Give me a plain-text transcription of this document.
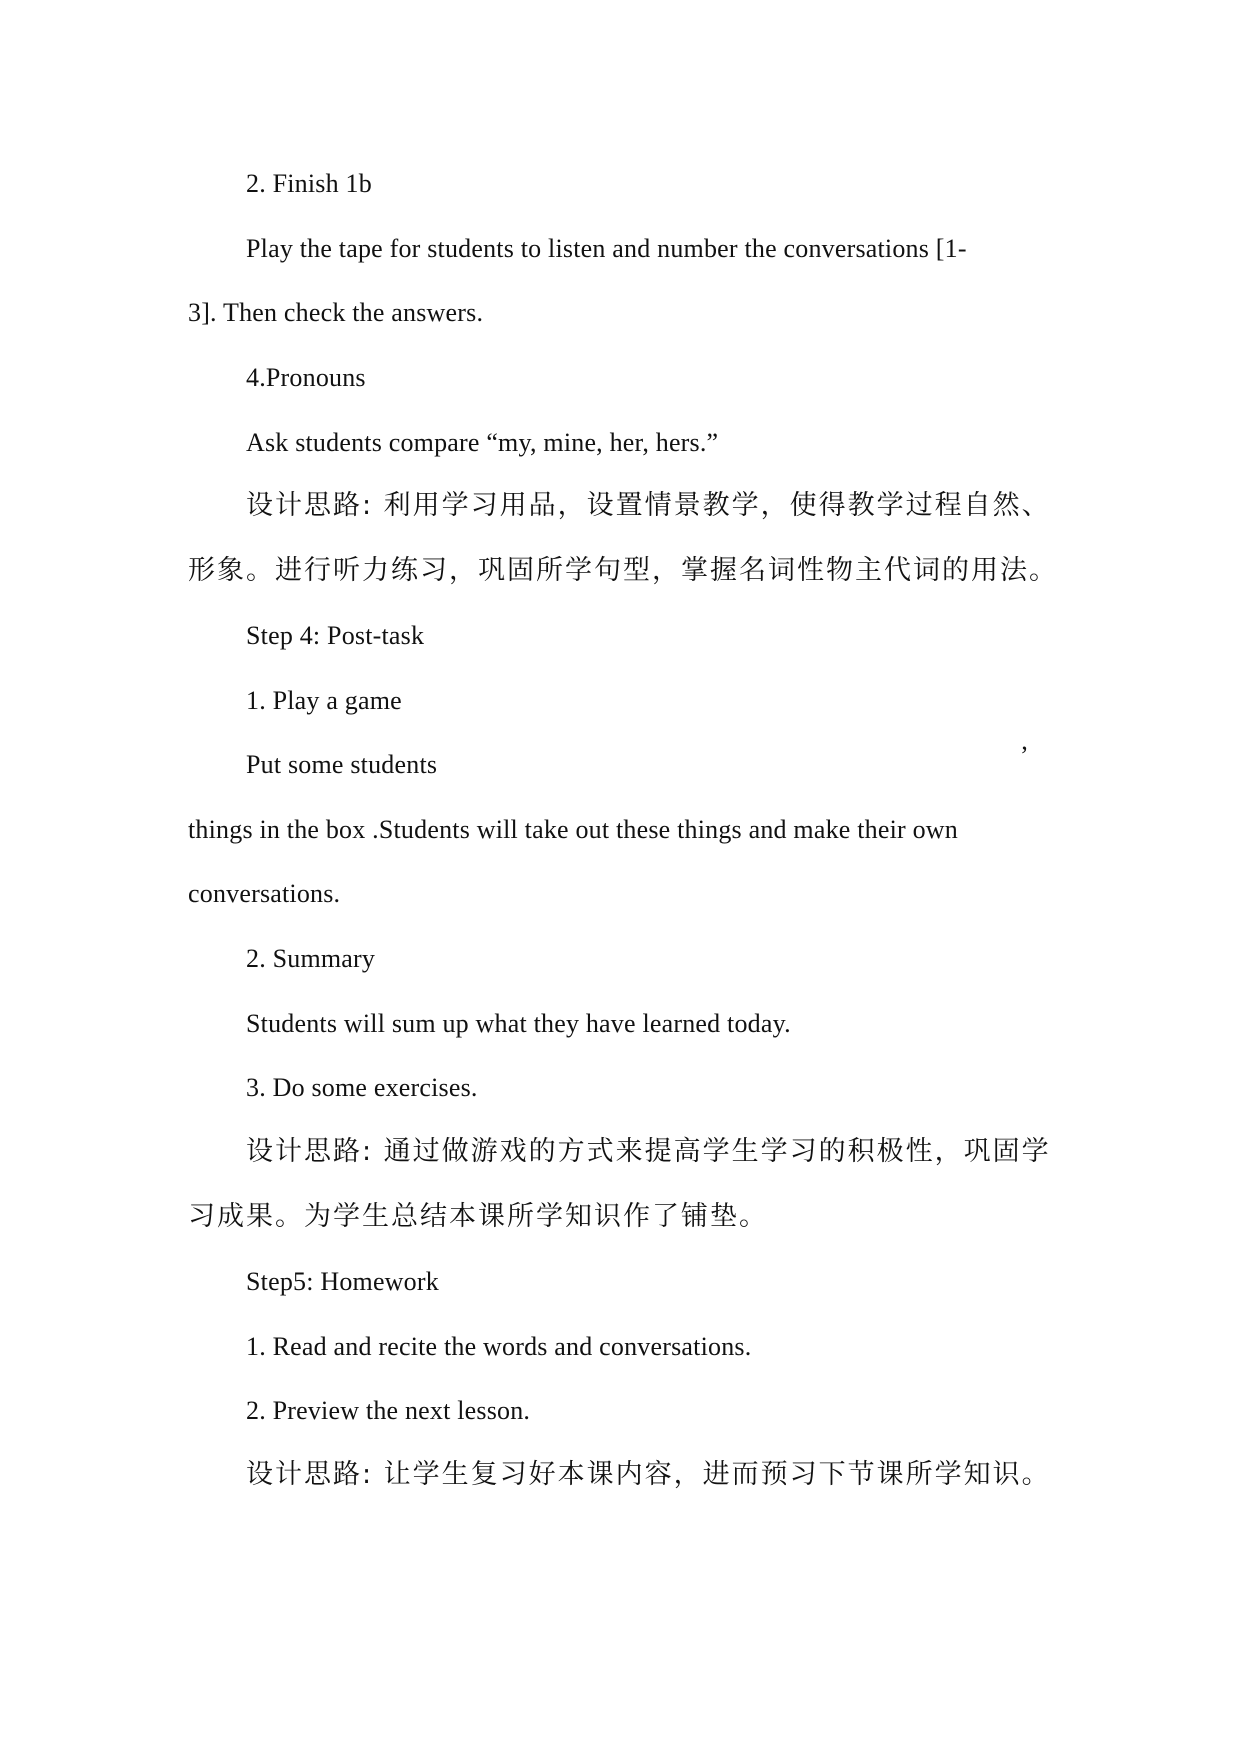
2. Finish 1b
Play the tape for students to listen and number the conversations [1-
3]. Then check the answers.
4.Pronouns
Ask students compare “my, mine, her, hers.”
设计思路: 利用学习用品，设置情景教学，使得教学过程自然、
形象。进行听力练习，巩固所学句型，掌握名词性物主代词的用法。
Step 4: Post-task
1. Play a game
Put some students	’
things in the box .Students will take out these things and make their own
conversations.
2. Summary
Students will sum up what they have learned today.
3. Do some exercises.
设计思路: 通过做游戏的方式来提高学生学习的积极性，巩固学
习成果。为学生总结本课所学知识作了铺垫。
Step5: Homework
1. Read and recite the words and conversations.
2. Preview the next lesson.
设计思路: 让学生复习好本课内容，进而预习下节课所学知识。
